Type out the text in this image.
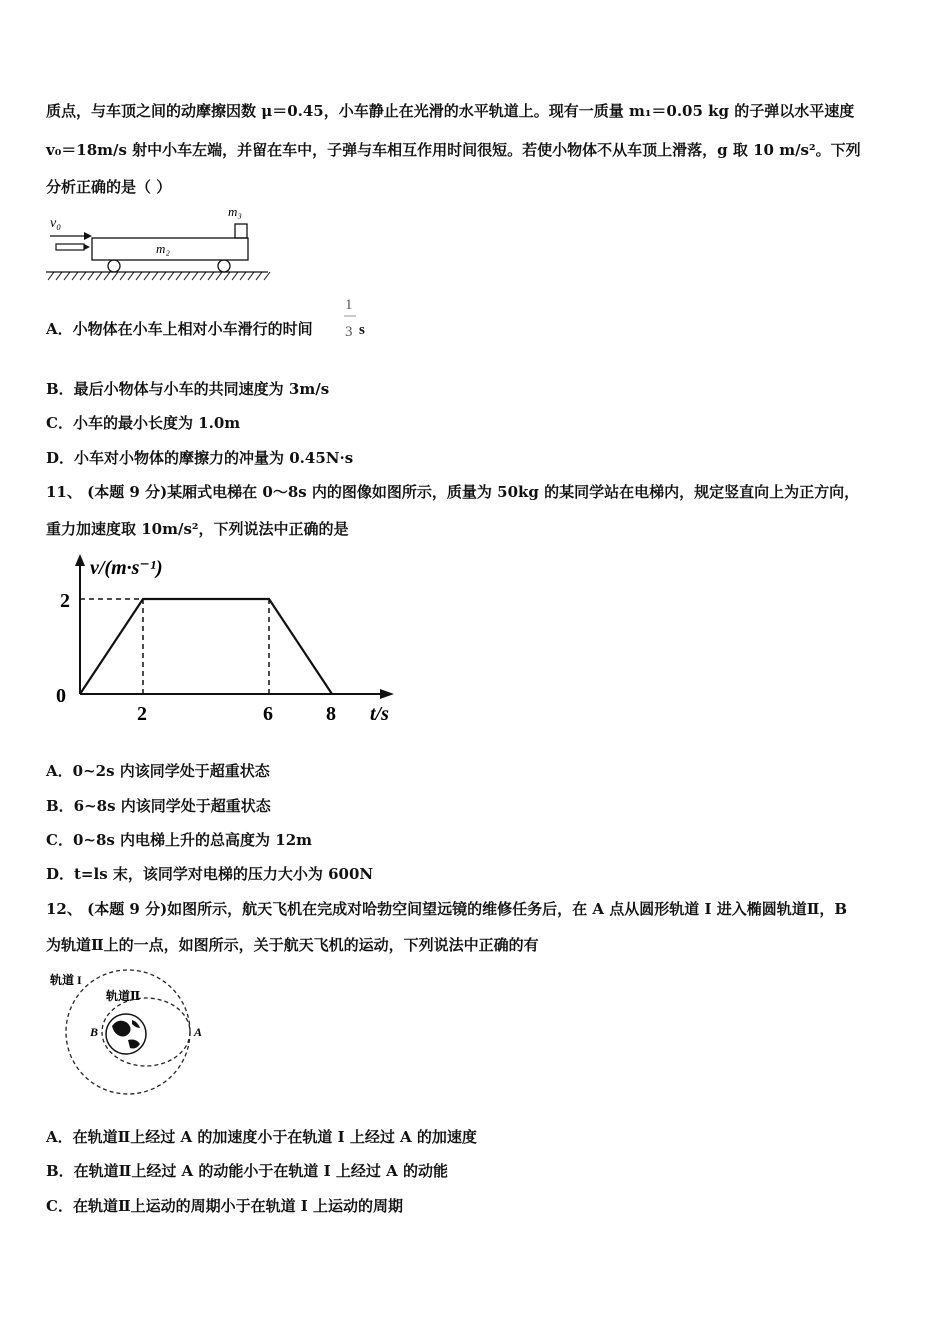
质点，与车顶之间的动摩擦因数 μ＝0.45，小车静止在光滑的水平轨道上。现有一质量 m₁＝0.05 kg 的子弹以水平速度
v₀＝18m/s 射中小车左端，并留在车中，子弹与车相互作用时间很短。若使小物体不从车顶上滑落，g 取 10 m/s²。下列
分析正确的是（ ）
v₀
m₂
m₃
A．小物体在小车上相对小车滑行的时间
1
3 s
B．最后小物体与小车的共同速度为 3m/s
C．小车的最小长度为 1.0m
D．小车对小物体的摩擦力的冲量为 0.45N·s
11、 (本题 9 分)某厢式电梯在 0～8s 内的图像如图所示，质量为 50kg 的某同学站在电梯内，规定竖直向上为正方向，
重力加速度取 10m/s²，下列说法中正确的是
v/(m·s⁻¹)
t/s
0
2	6	8
2
A．0~2s 内该同学处于超重状态
B．6~8s 内该同学处于超重状态
C．0~8s 内电梯上升的总高度为 12m
D．t=ls 末，该同学对电梯的压力大小为 600N
12、 (本题 9 分)如图所示，航天飞机在完成对哈勃空间望远镜的维修任务后，在 A 点从圆形轨道 I 进入椭圆轨道Ⅱ，B
为轨道Ⅱ上的一点，如图所示，关于航天飞机的运动，下列说法中正确的有
轨道 I
轨道Ⅱ
B	A
A．在轨道Ⅱ上经过 A 的加速度小于在轨道 I 上经过 A 的加速度
B．在轨道Ⅱ上经过 A 的动能小于在轨道 I 上经过 A 的动能
C．在轨道Ⅱ上运动的周期小于在轨道 I 上运动的周期
